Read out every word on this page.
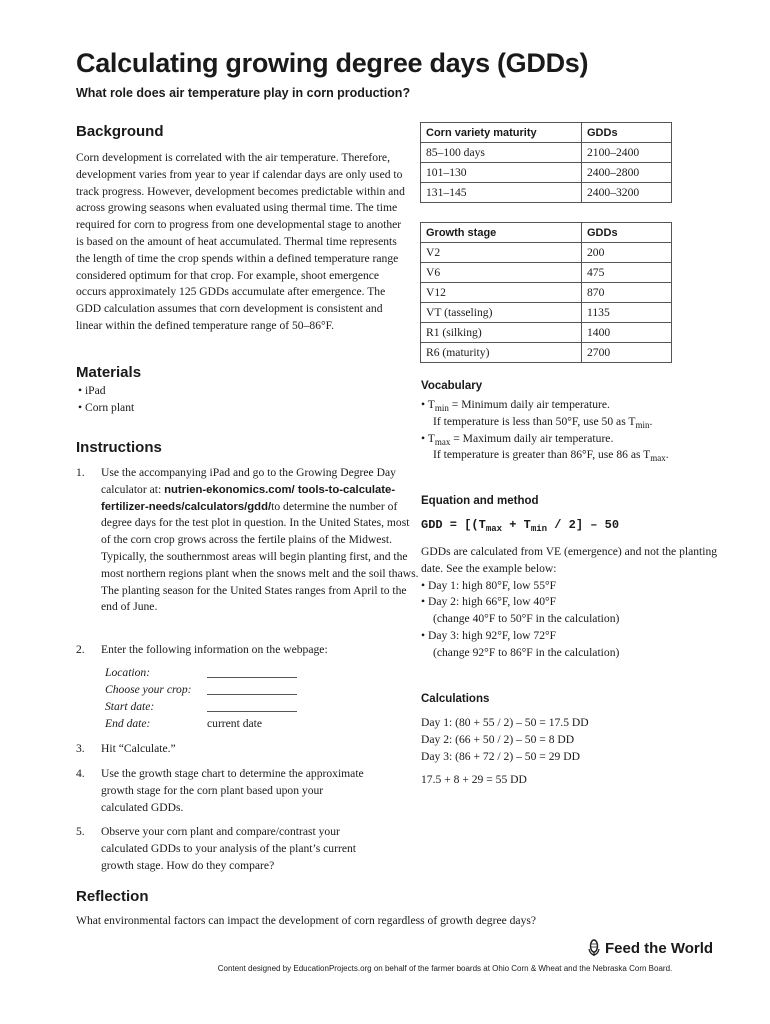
Calculating growing degree days (GDDs)
What role does air temperature play in corn production?
Background

Corn development is correlated with the air temperature. Therefore, development varies from year to year if calendar days are only used to track progress. However, development becomes predictable within and across growing seasons when evaluated using thermal time. The time required for corn to progress from one developmental stage to another is based on the amount of heat accumulated. Thermal time represents the length of time the crop spends within a defined temperature range considered optimum for that crop. For example, shoot emergence occurs approximately 125 GDDs accumulate after emergence. The GDD calculation assumes that corn development is consistent and linear within the defined temperature range of 50–86°F.

Materials
• iPad
• Corn plant
Instructions
1. Use the accompanying iPad and go to the Growing Degree Day calculator at: nutrien-ekonomics.com/ tools-to-calculate-fertilizer-needs/calculators/gdd/to determine the number of degree days for the test plot in question. In the United States, most of the corn crop grows across the fertile plains of the Midwest. Typically, the southernmost areas will begin planting first, and the most northern regions plant when the snows melt and the soil thaws. The planting season for the United States ranges from April to the end of June.
2. Enter the following information on the webpage:
Location:
Choose your crop:
Start date:
End date:	current date
3. Hit “Calculate.”
4. Use the growth stage chart to determine the approximate growth stage for the corn plant based upon your calculated GDDs.
5. Observe your corn plant and compare/contrast your calculated GDDs to your analysis of the plant’s current growth stage. How do they compare?
Corn variety maturity	GDDs
85–100 days	2100–2400
101–130	2400–2800
131–145	2400–3200
Growth stage	GDDs
V2	200
V6	475
V12	870
VT (tasseling)	1135
R1 (silking)	1400
R6 (maturity)	2700
Vocabulary
• $T_{min}$ = Minimum daily air temperature.
If temperature is less than 50°F, use 50 as $T_{min}$.
• $T_{max}$ = Maximum daily air temperature.
If temperature is greater than 86°F, use 86 as $T_{max}$.
Equation and method
GDD = [$(T_{max} + T_{min} / 2] - 50$

GDDs are calculated from VE (emergence) and not the planting date. See the example below:

• Day 1: high 80°F, low 55°F
• Day 2: high 66°F, low 40°F
(change 40°F to 50°F in the calculation)
• Day 3: high 92°F, low 72°F
(change 92°F to 86°F in the calculation)
Calculations
Day 1: (80 + 55 / 2) – 50 = 17.5 DD
Day 2: (66 + 50 / 2) – 50 = 8 DD
Day 3: (86 + 72 / 2) – 50 = 29 DD
17.5 + 8 + 29 = 55 DD
Reflection
What environmental factors can impact the development of corn regardless of growth degree days?
Feed the World
Content designed by EducationProjects.org on behalf of the farmer boards at Ohio Corn & Wheat and the Nebraska Corn Board.
